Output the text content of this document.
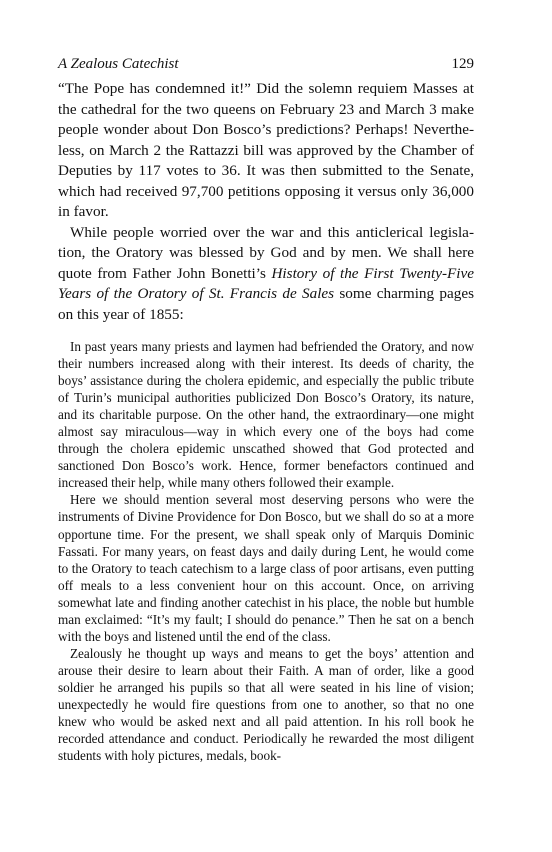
A Zealous Catechist	129

“The Pope has condemned it!” Did the solemn requiem Masses at the cathedral for the two queens on February 23 and March 3 make people wonder about Don Bosco’s predictions? Perhaps! Nevertheless, on March 2 the Rattazzi bill was approved by the Chamber of Deputies by 117 votes to 36. It was then submitted to the Senate, which had received 97,700 petitions opposing it versus only 36,000 in favor.

While people worried over the war and this anticlerical legislation, the Oratory was blessed by God and by men. We shall here quote from Father John Bonetti’s History of the First Twenty-Five Years of the Oratory of St. Francis de Sales some charming pages on this year of 1855:

In past years many priests and laymen had befriended the Oratory, and now their numbers increased along with their interest. Its deeds of charity, the boys’ assistance during the cholera epidemic, and especially the public tribute of Turin’s municipal authorities publicized Don Bosco’s Oratory, its nature, and its charitable purpose. On the other hand, the extraordinary—one might almost say miraculous—way in which every one of the boys had come through the cholera epidemic unscathed showed that God protected and sanctioned Don Bosco’s work. Hence, former benefactors continued and increased their help, while many others followed their example.

Here we should mention several most deserving persons who were the instruments of Divine Providence for Don Bosco, but we shall do so at a more opportune time. For the present, we shall speak only of Marquis Dominic Fassati. For many years, on feast days and daily during Lent, he would come to the Oratory to teach catechism to a large class of poor artisans, even putting off meals to a less convenient hour on this account. Once, on arriving somewhat late and finding another catechist in his place, the noble but humble man exclaimed: “It’s my fault; I should do penance.” Then he sat on a bench with the boys and listened until the end of the class.

Zealously he thought up ways and means to get the boys’ attention and arouse their desire to learn about their Faith. A man of order, like a good soldier he arranged his pupils so that all were seated in his line of vision; unexpectedly he would fire questions from one to another, so that no one knew who would be asked next and all paid attention. In his roll book he recorded attendance and conduct. Periodically he rewarded the most diligent students with holy pictures, medals, book-
